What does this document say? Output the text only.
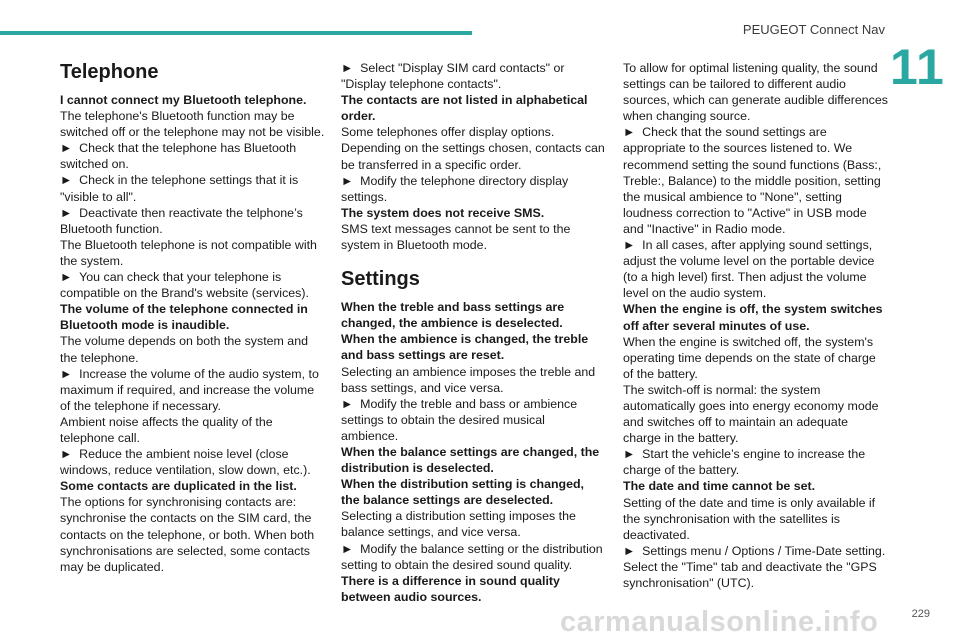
PEUGEOT Connect Nav
11
Telephone

I cannot connect my Bluetooth telephone.

The telephone's Bluetooth function may be switched off or the telephone may not be visible.

►  Check that the telephone has Bluetooth switched on.

►  Check in the telephone settings that it is "visible to all".

►  Deactivate then reactivate the telphone’s Bluetooth function.

The Bluetooth telephone is not compatible with the system.

►  You can check that your telephone is compatible on the Brand's website (services).

The volume of the telephone connected in Bluetooth mode is inaudible.

The volume depends on both the system and the telephone.

►  Increase the volume of the audio system, to maximum if required, and increase the volume of the telephone if necessary.

Ambient noise affects the quality of the telephone call.

►  Reduce the ambient noise level (close windows, reduce ventilation, slow down, etc.).

Some contacts are duplicated in the list.

The options for synchronising contacts are: synchronise the contacts on the SIM card, the contacts on the telephone, or both. When both synchronisations are selected, some contacts may be duplicated.

►  Select "Display SIM card contacts" or "Display telephone contacts".

The contacts are not listed in alphabetical order.

Some telephones offer display options. Depending on the settings chosen, contacts can be transferred in a specific order.

►  Modify the telephone directory display settings.

The system does not receive SMS.

SMS text messages cannot be sent to the system in Bluetooth mode.

Settings

When the treble and bass settings are changed, the ambience is deselected.

When the ambience is changed, the treble and bass settings are reset.

Selecting an ambience imposes the treble and bass settings, and vice versa.

►  Modify the treble and bass or ambience settings to obtain the desired musical ambience.

When the balance settings are changed, the distribution is deselected.

When the distribution setting is changed, the balance settings are deselected.

Selecting a distribution setting imposes the balance settings, and vice versa.

►  Modify the balance setting or the distribution setting to obtain the desired sound quality.

There is a difference in sound quality between audio sources.

To allow for optimal listening quality, the sound settings can be tailored to different audio sources, which can generate audible differences when changing source.

►  Check that the sound settings are appropriate to the sources listened to. We recommend setting the sound functions (Bass:, Treble:, Balance) to the middle position, setting the musical ambience to "None", setting loudness correction to "Active" in USB mode and "Inactive" in Radio mode.

►  In all cases, after applying sound settings, adjust the volume level on the portable device (to a high level) first. Then adjust the volume level on the audio system.

When the engine is off, the system switches off after several minutes of use.

When the engine is switched off, the system's operating time depends on the state of charge of the battery.

The switch-off is normal: the system automatically goes into energy economy mode and switches off to maintain an adequate charge in the battery.

►  Start the vehicle’s engine to increase the charge of the battery.

The date and time cannot be set.

Setting of the date and time is only available if the synchronisation with the satellites is deactivated.

►  Settings menu / Options / Time-Date setting. Select the "Time" tab and deactivate the "GPS synchronisation" (UTC).

carmanualsonline.info	229
